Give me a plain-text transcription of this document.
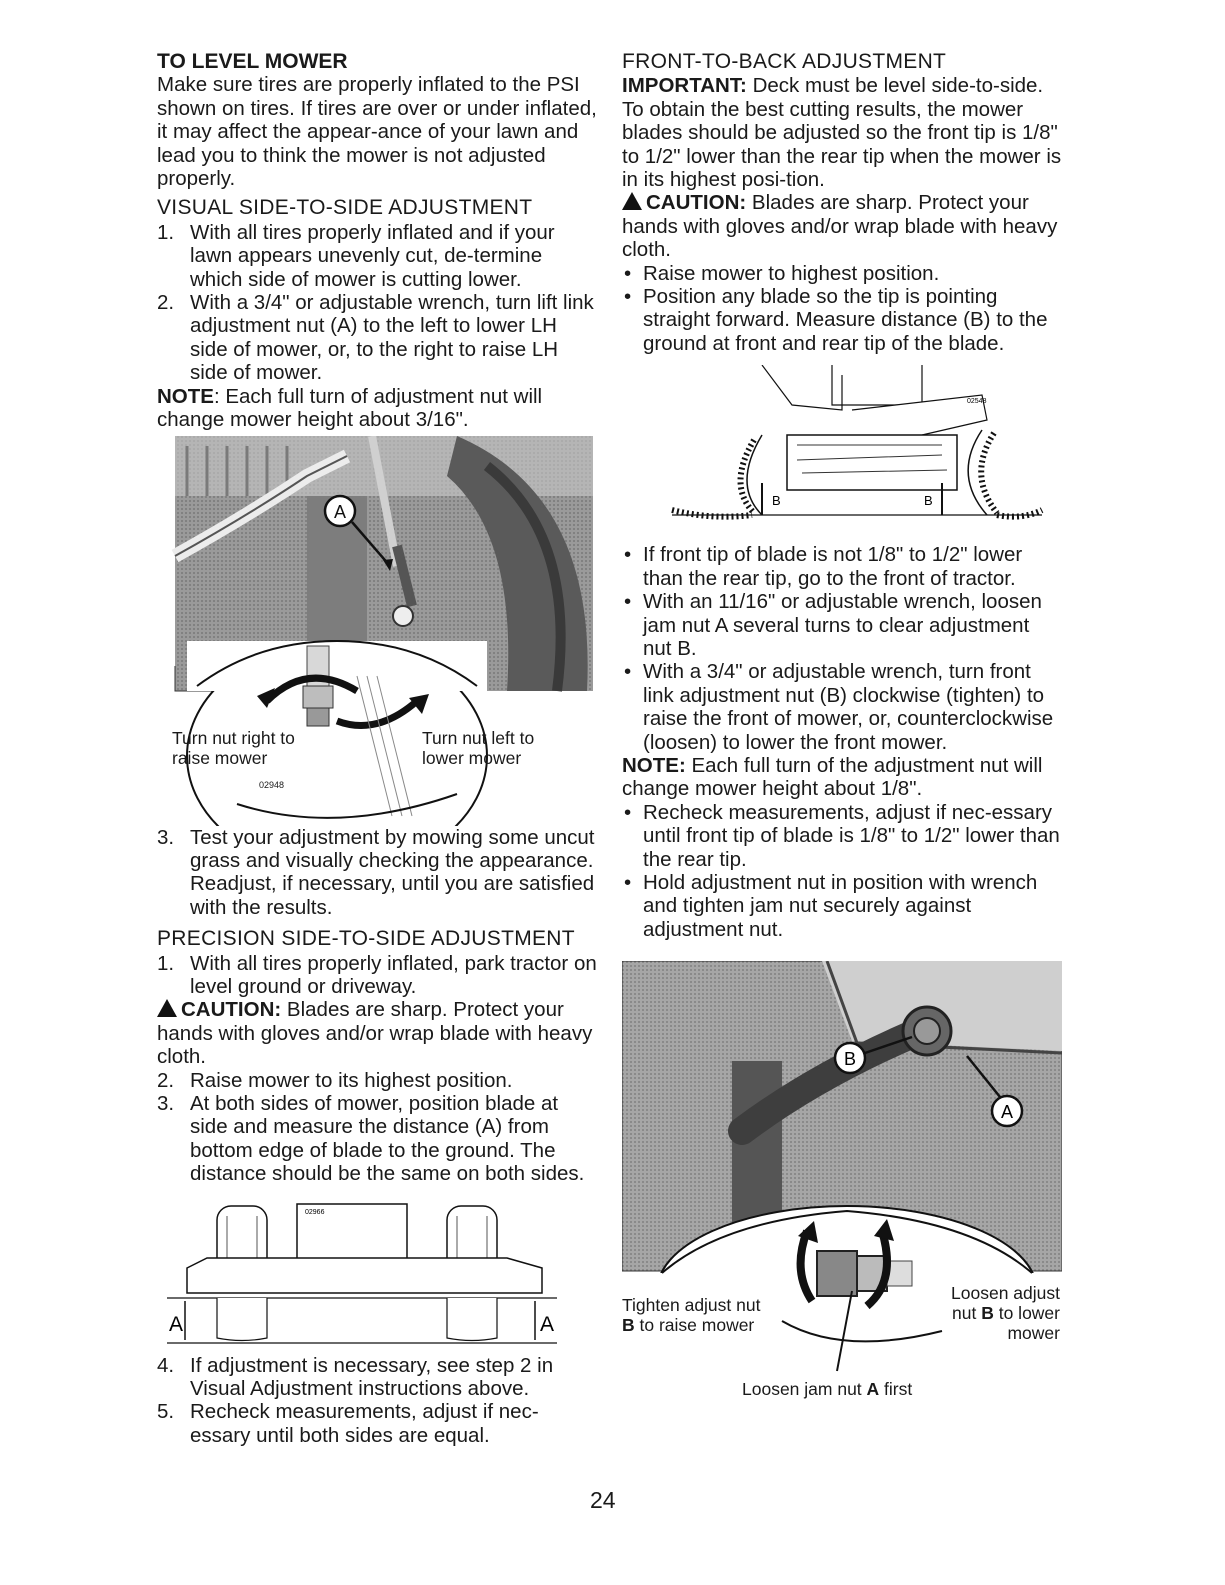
TO LEVEL MOWER

Make sure tires are properly inflated to the PSI shown on tires. If tires are over or under inflated, it may affect the appear-ance of your lawn and lead you to think the mower is not adjusted properly.

VISUAL SIDE-TO-SIDE ADJUSTMENT
1. With all tires properly inflated and if your lawn appears unevenly cut, de-termine which side of mower is cutting lower.
2. With a 3/4" or adjustable wrench, turn lift link adjustment nut (A) to the left to lower LH side of mower, or, to the right to raise LH side of mower.

NOTE: Each full turn of adjustment nut will change mower height about 3/16".

A
Turn nut right to raise mower
Turn nut left to lower mower
02948
3. Test your adjustment by mowing some uncut grass and visually checking the appearance. Readjust, if necessary, until you are satisfied with the results.
PRECISION SIDE-TO-SIDE ADJUSTMENT
1. With all tires properly inflated, park tractor on level ground or driveway.

CAUTION: Blades are sharp. Protect your hands with gloves and/or wrap blade with heavy cloth.

2. Raise mower to its highest position.
3. At both sides of mower, position blade at side and measure the distance (A) from bottom edge of blade to the ground. The distance should be the same on both sides.
A	A
02966
4. If adjustment is necessary, see step 2 in Visual Adjustment instructions above.
5. Recheck measurements, adjust if nec-essary until both sides are equal.
FRONT-TO-BACK ADJUSTMENT

IMPORTANT: Deck must be level side-to-side.

To obtain the best cutting results, the mower blades should be adjusted so the front tip is 1/8" to 1/2" lower than the rear tip when the mower is in its highest posi-tion.

CAUTION: Blades are sharp. Protect your hands with gloves and/or wrap blade with heavy cloth.

• Raise mower to highest position.
• Position any blade so the tip is pointing straight forward. Measure distance (B) to the ground at front and rear tip of the blade.
B	B
02548
• If front tip of blade is not 1/8" to 1/2" lower than the rear tip, go to the front of tractor.
• With an 11/16" or adjustable wrench, loosen jam nut A several turns to clear adjustment nut B.
• With a 3/4" or adjustable wrench, turn front link adjustment nut (B) clockwise (tighten) to raise the front of mower, or, counterclockwise (loosen) to lower the front mower.

NOTE: Each full turn of the adjustment nut will change mower height about 1/8".

• Recheck measurements, adjust if nec-essary until front tip of blade is 1/8" to 1/2" lower than the rear tip.
• Hold adjustment nut in position with wrench and tighten jam nut securely against adjustment nut.
B
A
Tighten adjust nut
B to raise mower
Loosen adjust
nut B to lower
mower
Loosen jam nut A first
24
